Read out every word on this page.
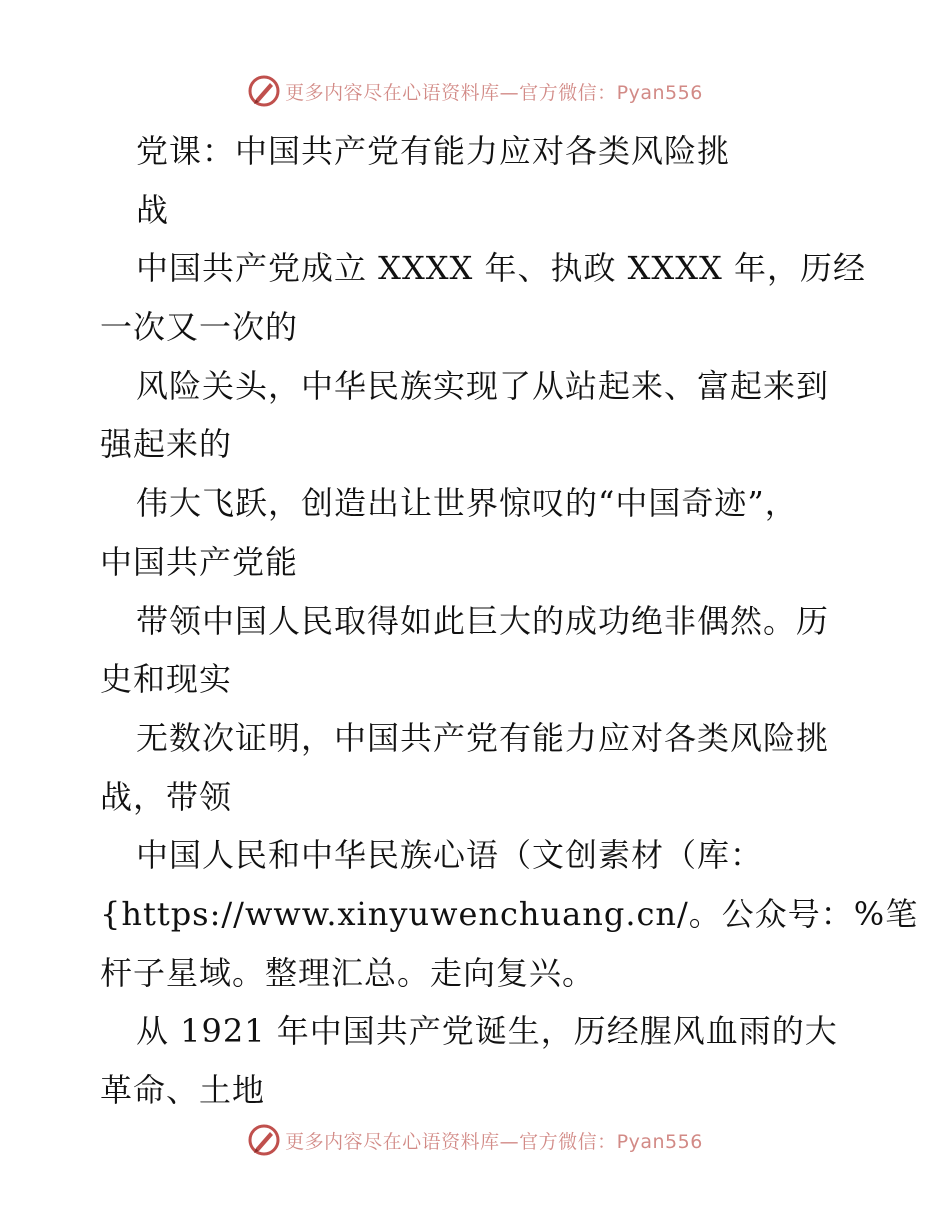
更多内容尽在心语资料库—官方微信：Pyan556
党课：中国共产党有能力应对各类风险挑
战
中国共产党成立 XXXX 年、执政 XXXX 年，历经
一次又一次的
风险关头，中华民族实现了从站起来、富起来到
强起来的
伟大飞跃，创造出让世界惊叹的“中国奇迹”，
中国共产党能
带领中国人民取得如此巨大的成功绝非偶然。历
史和现实
无数次证明，中国共产党有能力应对各类风险挑
战，带领
中国人民和中华民族心语（文创素材（库：
{https://www.xinyuwenchuang.cn/。公众号：%笔
杆子星域。整理汇总。走向复兴。
从 1921 年中国共产党诞生，历经腥风血雨的大
革命、土地
更多内容尽在心语资料库—官方微信：Pyan556
